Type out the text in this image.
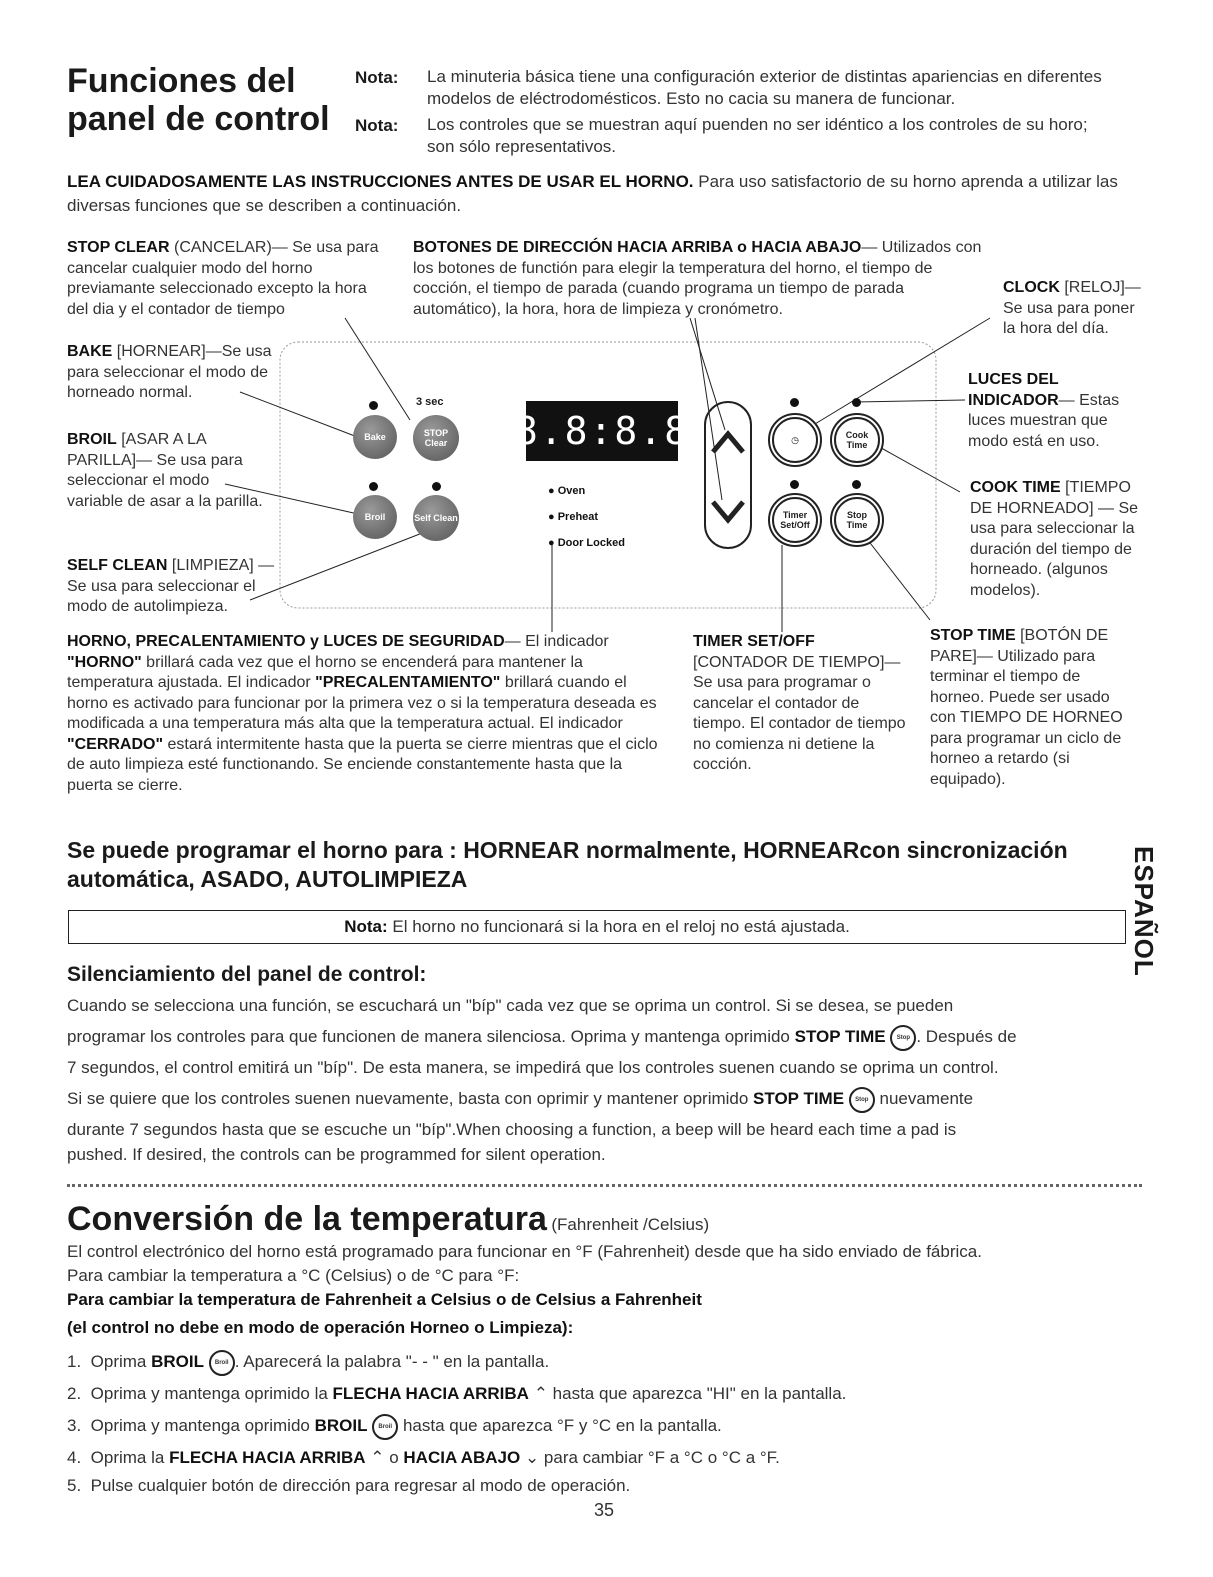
Funciones del
panel de control
Nota: La minuteria básica tiene una configuración exterior de distintas apariencias en diferentes modelos de eléctrodomésticos. Esto no cacia su manera de funcionar.
Nota: Los controles que se muestran aquí puenden no ser idéntico a los controles de su horo; son sólo representativos.
LEA CUIDADOSAMENTE LAS INSTRUCCIONES ANTES DE USAR EL HORNO. Para uso satisfactorio de su horno aprenda a utilizar las diversas funciones que se describen a continuación.
STOP CLEAR (CANCELAR)— Se usa para cancelar cualquier modo del horno previamante seleccionado excepto la hora del dia y el contador de tiempo
BOTONES DE DIRECCIÓN HACIA ARRIBA o HACIA ABAJO— Utilizados con los botones de functión para elegir la temperatura del horno, el tiempo de cocción, el tiempo de parada (cuando programa un tiempo de parada automático), la hora, hora de limpieza y cronómetro.
CLOCK [RELOJ]— Se usa para poner la hora del día.
BAKE [HORNEAR]—Se usa para seleccionar el modo de horneado normal.
LUCES DEL INDICADOR— Estas luces muestran que modo está en uso.
BROIL [ASAR A LA PARILLA]— Se usa para seleccionar el modo variable de asar a la parilla.
COOK TIME [TIEMPO DE HORNEADO] — Se usa para seleccionar la duración del tiempo de horneado. (algunos modelos).
SELF CLEAN [LIMPIEZA] — Se usa para seleccionar el modo de autolimpieza.
HORNO, PRECALENTAMIENTO y LUCES DE SEGURIDAD— El indicador "HORNO" brillará cada vez que el horno se encenderá para mantener la temperatura ajustada. El indicador "PRECALENTAMIENTO" brillará cuando el horno es activado para funcionar por la primera vez o si la temperatura deseada es modificada a una temperatura más alta que la temperatura actual. El indicador "CERRADO" estará intermitente hasta que la puerta se cierre mientras que el ciclo de auto limpieza esté functionando. Se enciende constantemente hasta que la puerta se cierre.
TIMER SET/OFF [CONTADOR DE TIEMPO]— Se usa para programar o cancelar el contador de tiempo. El contador de tiempo no comienza ni detiene la cocción.
STOP TIME [BOTÓN DE PARE]— Utilizado para terminar el tiempo de horneo. Puede ser usado con TIEMPO DE HORNEO para programar un ciclo de horneo a retardo (si equipado).
3 sec
Bake	STOP Clear
Broil	Self Clean
8.8:8.8
● Oven
● Preheat
● Door Locked
◷	Cook Time
Timer Set/Off
Stop Time
Se puede programar el horno para : HORNEAR normalmente, HORNEARcon sincronización automática, ASADO, AUTOLIMPIEZA
Nota: El horno no funcionará si la hora en el reloj no está ajustada.	ESPAÑOL
Silenciamiento del panel de control:
Cuando se selecciona una función, se escuchará un "bíp" cada vez que se oprima un control. Si se desea, se pueden
programar los controles para que funcionen de manera silenciosa. Oprima y mantenga oprimido STOP TIME Stop . Después de
7 segundos, el control emitirá un "bíp". De esta manera, se impedirá que los controles suenen cuando se oprima un control.
Si se quiere que los controles suenen nuevamente, basta con oprimir y mantener oprimido STOP TIME Stop nuevamente
durante 7 segundos hasta que se escuche un "bíp".When choosing a function, a beep will be heard each time a pad is
pushed. If desired, the controls can be programmed for silent operation.
Conversión de la temperatura (Fahrenheit /Celsius)
El control electrónico del horno está programado para funcionar en °F (Fahrenheit) desde que ha sido enviado de fábrica.
Para cambiar la temperatura a °C (Celsius) o de °C para °F:
Para cambiar la temperatura de Fahrenheit a Celsius o de Celsius a Fahrenheit
(el control no debe en modo de operación Horneo o Limpieza):
1. Oprima BROIL Broil . Aparecerá la palabra "- - " en la pantalla.
2. Oprima y mantenga oprimido la FLECHA HACIA ARRIBA ⌃ hasta que aparezca "HI" en la pantalla.
3. Oprima y mantenga oprimido BROIL Broil hasta que aparezca °F y °C en la pantalla.
4. Oprima la FLECHA HACIA ARRIBA ⌃ o HACIA ABAJO ⌄ para cambiar °F a °C o °C a °F.
5. Pulse cualquier botón de dirección para regresar al modo de operación.
35
